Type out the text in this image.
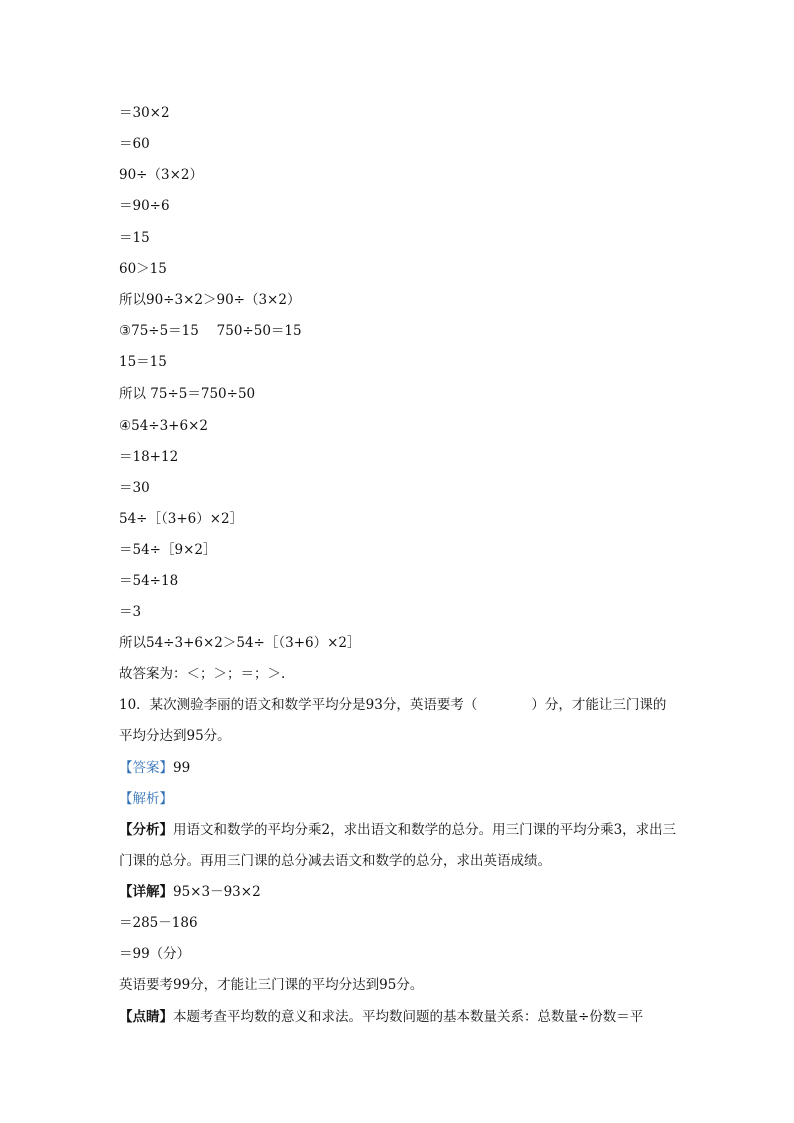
＝30×2
＝60
90÷（3×2）
＝90÷6
＝15
60＞15
所以90÷3×2＞90÷（3×2）
③75÷5＝15　 750÷50＝15
15＝15
所以 75÷5＝750÷50
④54÷3+6×2
＝18+12
＝30
54÷［（3+6）×2］
＝54÷［9×2］
＝54÷18
＝3
所以54÷3+6×2＞54÷［（3+6）×2］
故答案为：＜；＞；＝；＞.
10．某次测验李丽的语文和数学平均分是93分，英语要考（　　　　）分，才能让三门课的平均分达到95分。
【答案】99
【解析】
【分析】用语文和数学的平均分乘2，求出语文和数学的总分。用三门课的平均分乘3，求出三门课的总分。再用三门课的总分减去语文和数学的总分，求出英语成绩。
【详解】95×3－93×2
＝285－186
＝99（分）
英语要考99分，才能让三门课的平均分达到95分。
【点睛】本题考查平均数的意义和求法。平均数问题的基本数量关系：总数量÷份数＝平
